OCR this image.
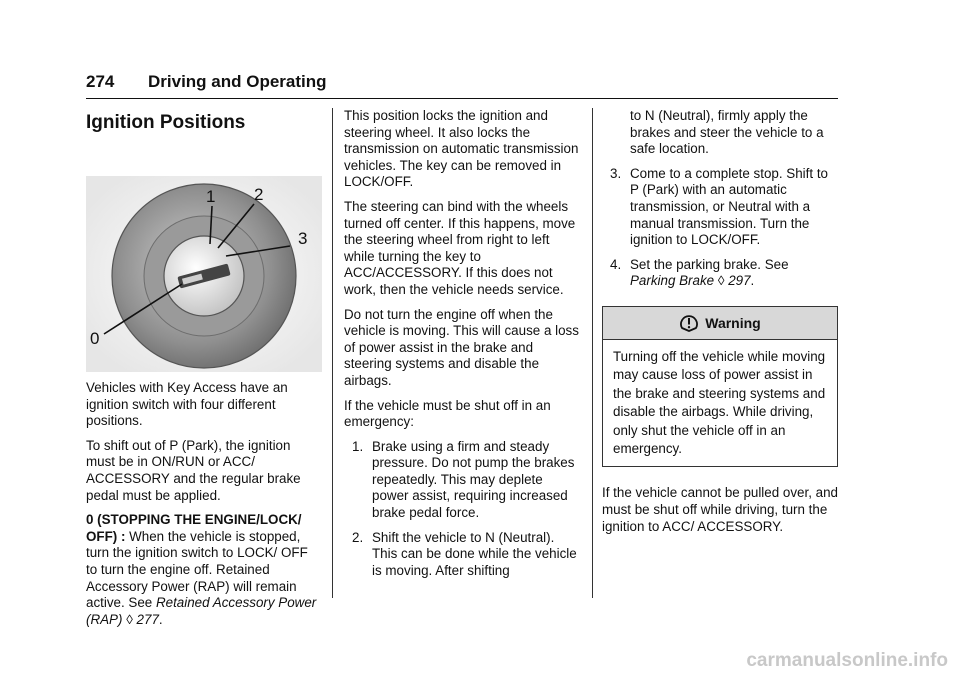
274 Driving and Operating
Ignition Positions
1 2
3
0

Vehicles with Key Access have an ignition switch with four different positions.

To shift out of P (Park), the ignition must be in ON/RUN or ACC/ ACCESSORY and the regular brake pedal must be applied.

0 (STOPPING THE ENGINE/LOCK/ OFF) : When the vehicle is stopped, turn the ignition switch to LOCK/ OFF to turn the engine off. Retained Accessory Power (RAP) will remain active. See Retained Accessory Power (RAP) ◊ 277.

This position locks the ignition and steering wheel. It also locks the transmission on automatic transmission vehicles. The key can be removed in LOCK/OFF.

The steering can bind with the wheels turned off center. If this happens, move the steering wheel from right to left while turning the key to ACC/ACCESSORY. If this does not work, then the vehicle needs service.

Do not turn the engine off when the vehicle is moving. This will cause a loss of power assist in the brake and steering systems and disable the airbags.

If the vehicle must be shut off in an emergency:

1. Brake using a firm and steady pressure. Do not pump the brakes repeatedly. This may deplete power assist, requiring increased brake pedal force.
2. Shift the vehicle to N (Neutral). This can be done while the vehicle is moving. After shifting
to N (Neutral), firmly apply the brakes and steer the vehicle to a safe location.
3. Come to a complete stop. Shift to P (Park) with an automatic transmission, or Neutral with a manual transmission. Turn the ignition to LOCK/OFF.
4. Set the parking brake. See
Parking Brake ◊ 297.
Warning
Turning off the vehicle while moving may cause loss of power assist in the brake and steering systems and disable the airbags. While driving, only shut the vehicle off in an emergency.

If the vehicle cannot be pulled over, and must be shut off while driving, turn the ignition to ACC/ ACCESSORY.

carmanualsonline.info
